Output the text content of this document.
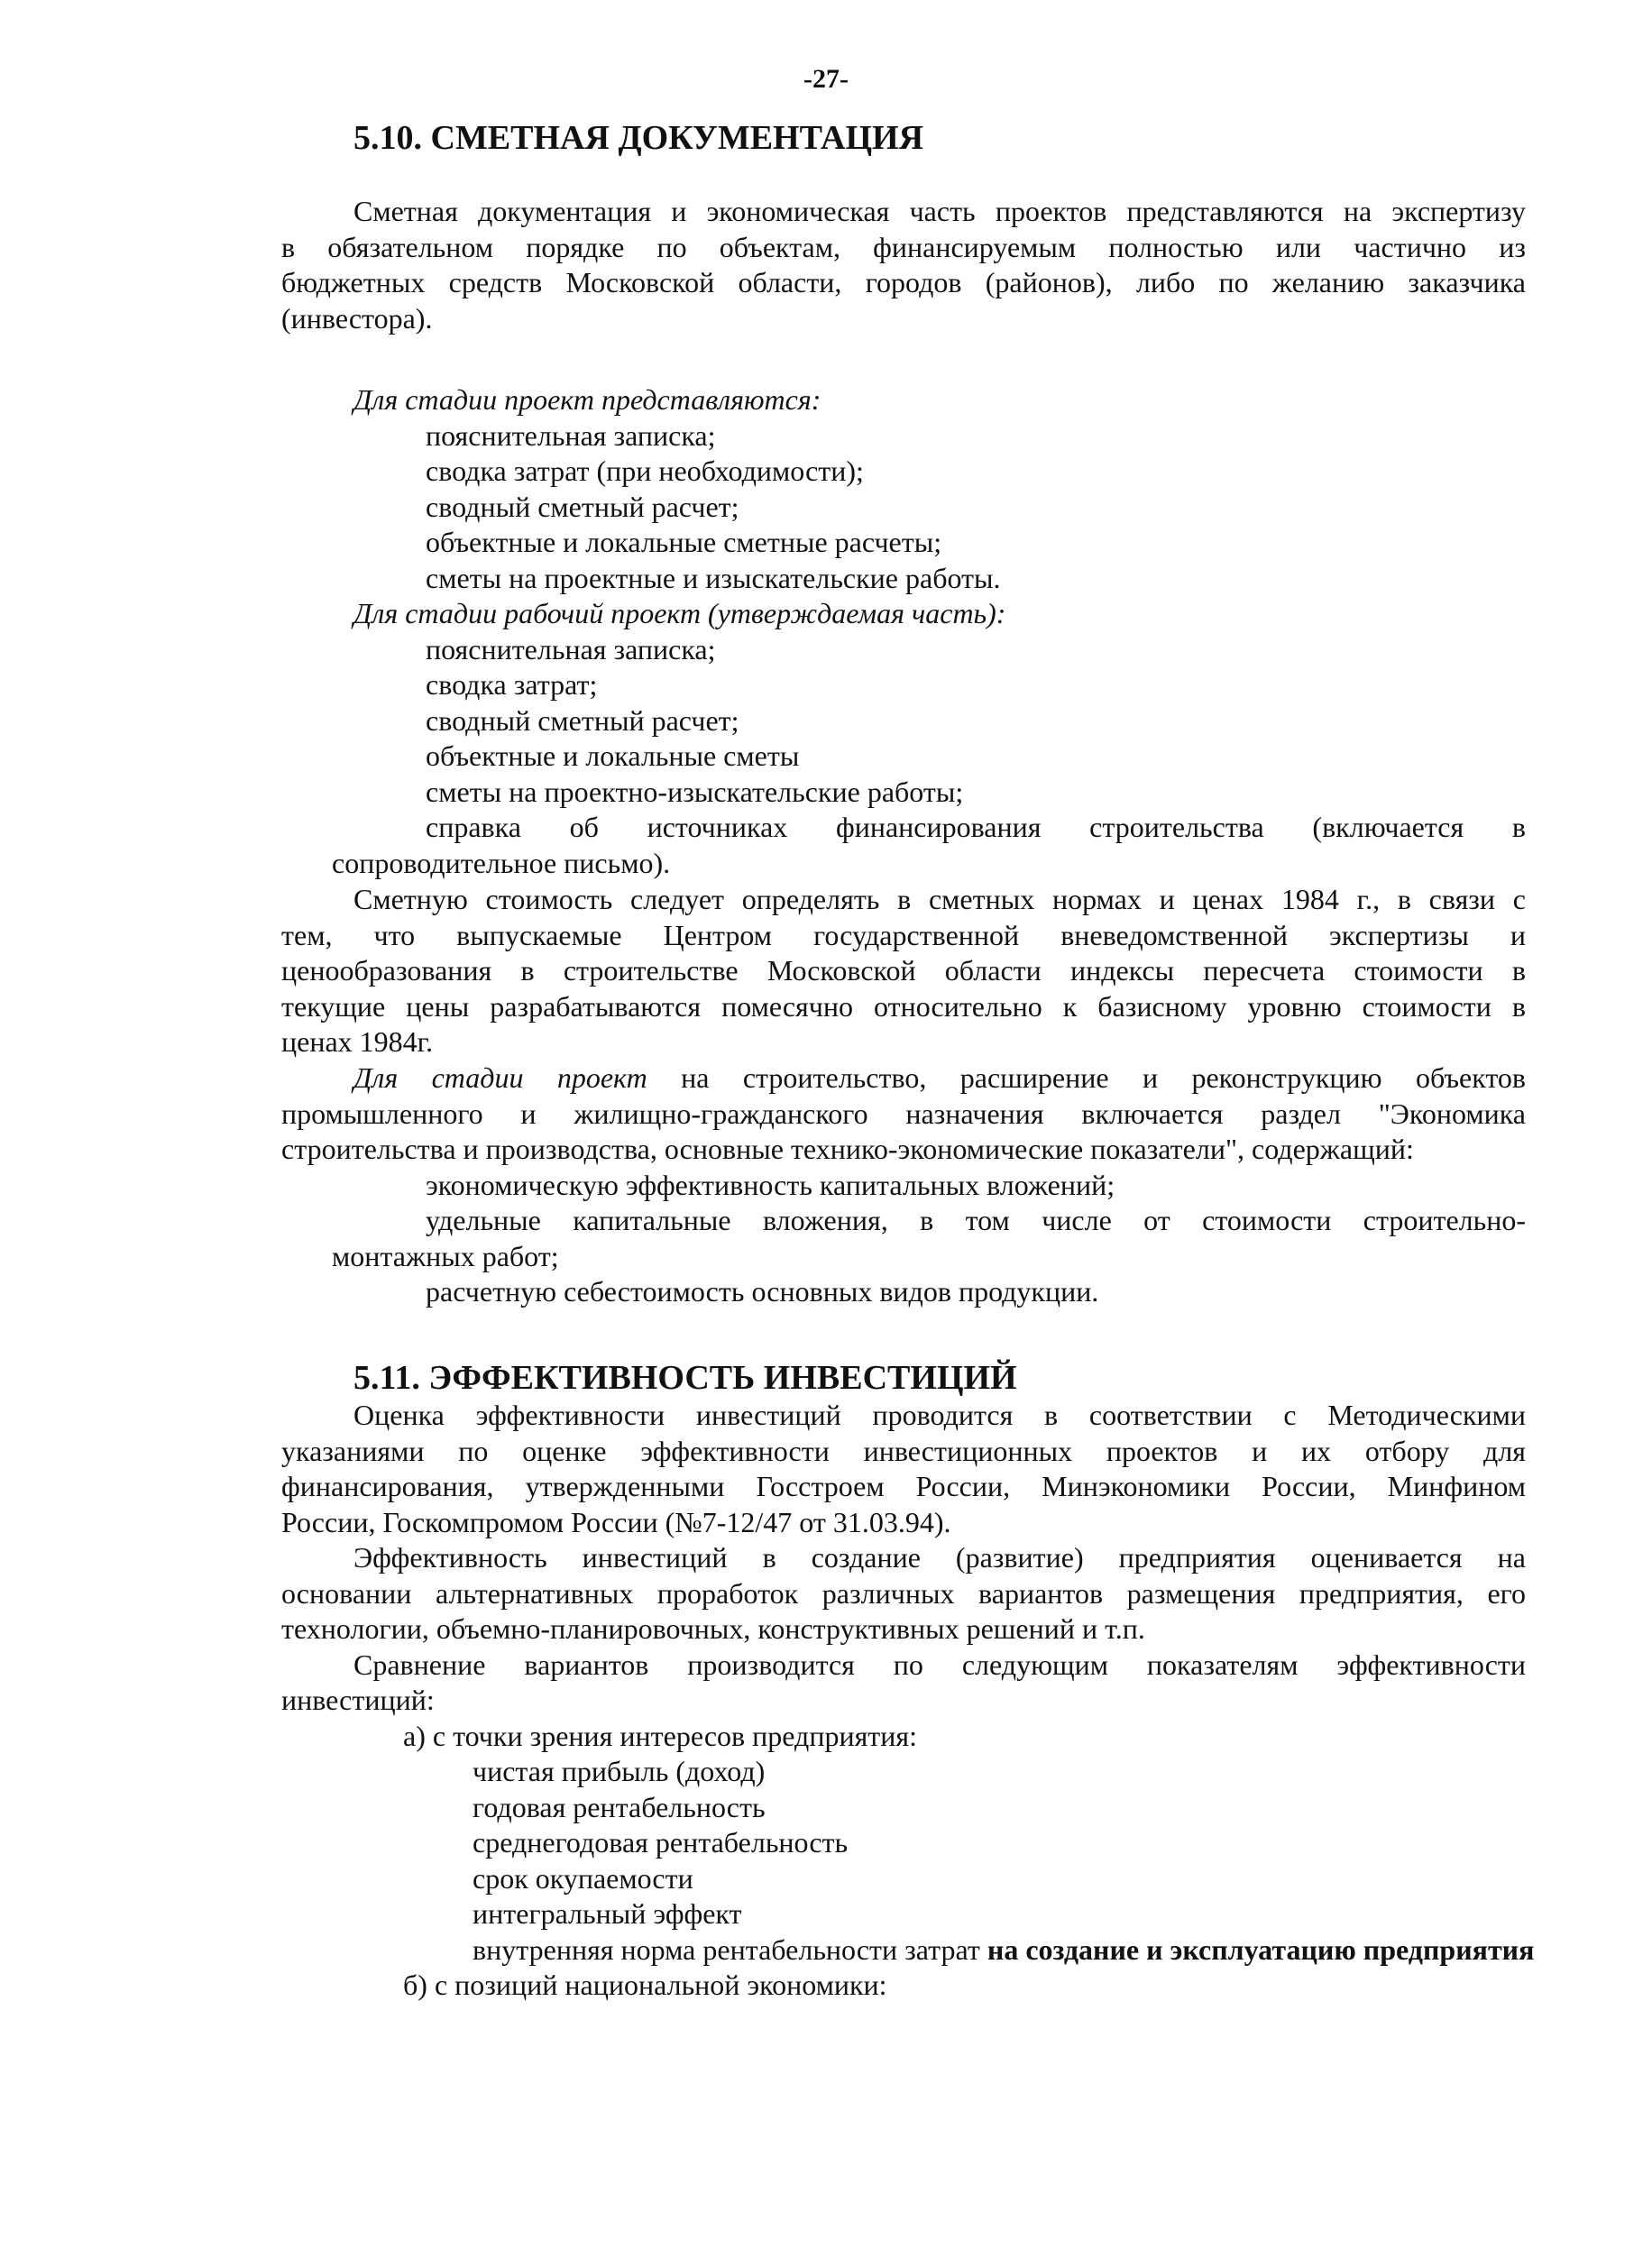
-27-
5.10. СМЕТНАЯ ДОКУМЕНТАЦИЯ

Сметная документация и экономическая часть проектов представляются на экспертизу

в обязательном порядке по объектам, финансируемым полностью или частично из

бюджетных средств Московской области, городов (районов), либо по желанию заказчика

(инвестора).

Для стадии проект представляются:

пояснительная записка;

сводка затрат (при необходимости);

сводный сметный расчет;

объектные и локальные сметные расчеты;

сметы на проектные и изыскательские работы.

Для стадии рабочий проект (утверждаемая часть):

пояснительная записка;

сводка затрат;

сводный сметный расчет;

объектные и локальные сметы

сметы на проектно-изыскательские работы;

справка об источниках финансирования строительства (включается в

сопроводительное письмо).

Сметную стоимость следует определять в сметных нормах и ценах 1984 г., в связи с

тем, что выпускаемые Центром государственной вневедомственной экспертизы и

ценообразования в строительстве Московской области индексы пересчета стоимости в

текущие цены разрабатываются помесячно относительно к базисному уровню стоимости в

ценах 1984г.

Для стадии проект на строительство, расширение и реконструкцию объектов

промышленного и жилищно-гражданского назначения включается раздел "Экономика

строительства и производства, основные технико-экономические показатели", содержащий:

экономическую эффективность капитальных вложений;

удельные капитальные вложения, в том числе от стоимости строительно-

монтажных работ;

расчетную себестоимость основных видов продукции.

5.11. ЭФФЕКТИВНОСТЬ ИНВЕСТИЦИЙ

Оценка эффективности инвестиций проводится в соответствии с Методическими

указаниями по оценке эффективности инвестиционных проектов и их отбору для

финансирования, утвержденными Госстроем России, Минэкономики России, Минфином

России, Госкомпромом России (№7-12/47 от 31.03.94).

Эффективность инвестиций в создание (развитие) предприятия оценивается на

основании альтернативных проработок различных вариантов размещения предприятия, его

технологии, объемно-планировочных, конструктивных решений и т.п.

Сравнение вариантов производится по следующим показателям эффективности

инвестиций:

а) с точки зрения интересов предприятия:

чистая прибыль (доход)

годовая рентабельность

среднегодовая рентабельность

срок окупаемости

интегральный эффект

внутренняя норма рентабельности затрат на создание и эксплуатацию предприятия

б) с позиций национальной экономики:
